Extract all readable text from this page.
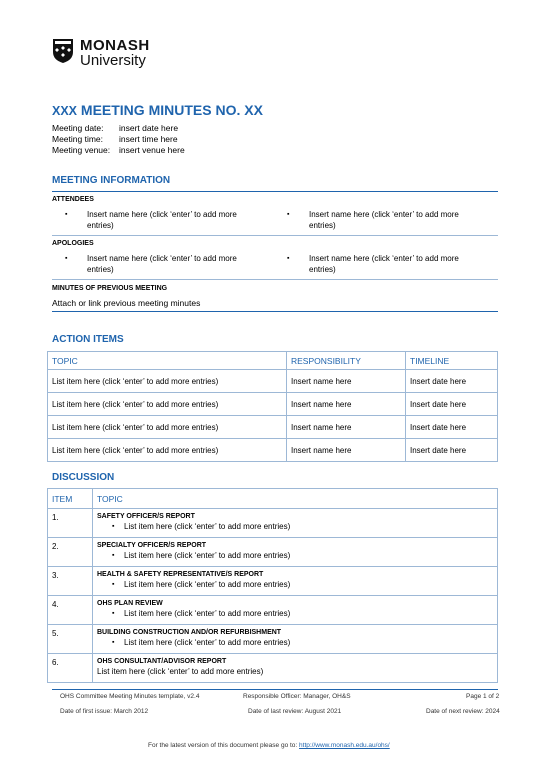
MONASH
University
XXX MEETING MINUTES NO. XX
Meeting date: insert date here
Meeting time: insert time here
Meeting venue: insert venue here
MEETING INFORMATION
ATTENDEES
▪ Insert name here (click ‘enter’ to add more entries)
▪ Insert name here (click ‘enter’ to add more entries)
APOLOGIES
▪ Insert name here (click ‘enter’ to add more entries)
▪ Insert name here (click ‘enter’ to add more entries)
MINUTES OF PREVIOUS MEETING
Attach or link previous meeting minutes
ACTION ITEMS
TOPIC	RESPONSIBILITY	TIMELINE
List item here (click ‘enter’ to add more entries)	Insert name here	Insert date here
List item here (click ‘enter’ to add more entries)	Insert name here	Insert date here
List item here (click ‘enter’ to add more entries)	Insert name here	Insert date here
List item here (click ‘enter’ to add more entries)	Insert name here	Insert date here
DISCUSSION
ITEM	TOPIC
1.	SAFETY OFFICER/S REPORT
▪ List item here (click ‘enter’ to add more entries)

2.	SPECIALTY OFFICER/S REPORT
▪ List item here (click ‘enter’ to add more entries)

3.	HEALTH & SAFETY REPRESENTATIVE/S REPORT
▪ List item here (click ‘enter’ to add more entries)

4.	OHS PLAN REVIEW
▪ List item here (click ‘enter’ to add more entries)

5.	BUILDING CONSTRUCTION AND/OR REFURBISHMENT
▪ List item here (click ‘enter’ to add more entries)

6.	OHS CONSULTANT/ADVISOR REPORT
List item here (click ‘enter’ to add more entries)
OHS Committee Meeting Minutes template, v2.4	Responsible Officer: Manager, OH&S	Page 1 of 2
Date of first issue: March 2012	Date of last review: August 2021	Date of next review: 2024
For the latest version of this document please go to: http://www.monash.edu.au/ohs/
